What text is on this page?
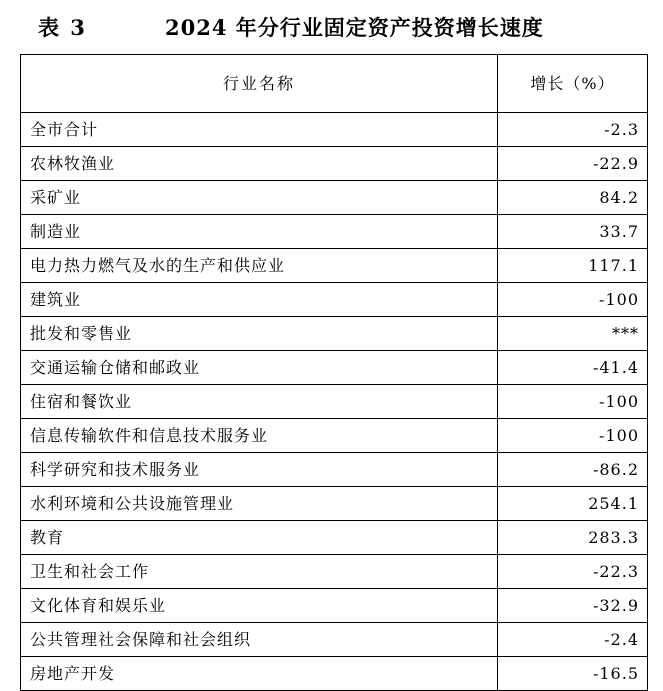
表 3	2024 年分行业固定资产投资增长速度
行业名称	增长（%）
全市合计	-2.3
农林牧渔业	-22.9
采矿业	84.2
制造业	33.7
电力热力燃气及水的生产和供应业	117.1
建筑业	-100
批发和零售业	***
交通运输仓储和邮政业	-41.4
住宿和餐饮业	-100
信息传输软件和信息技术服务业	-100
科学研究和技术服务业	-86.2
水利环境和公共设施管理业	254.1
教育	283.3
卫生和社会工作	-22.3
文化体育和娱乐业	-32.9
公共管理社会保障和社会组织	-2.4
房地产开发	-16.5
